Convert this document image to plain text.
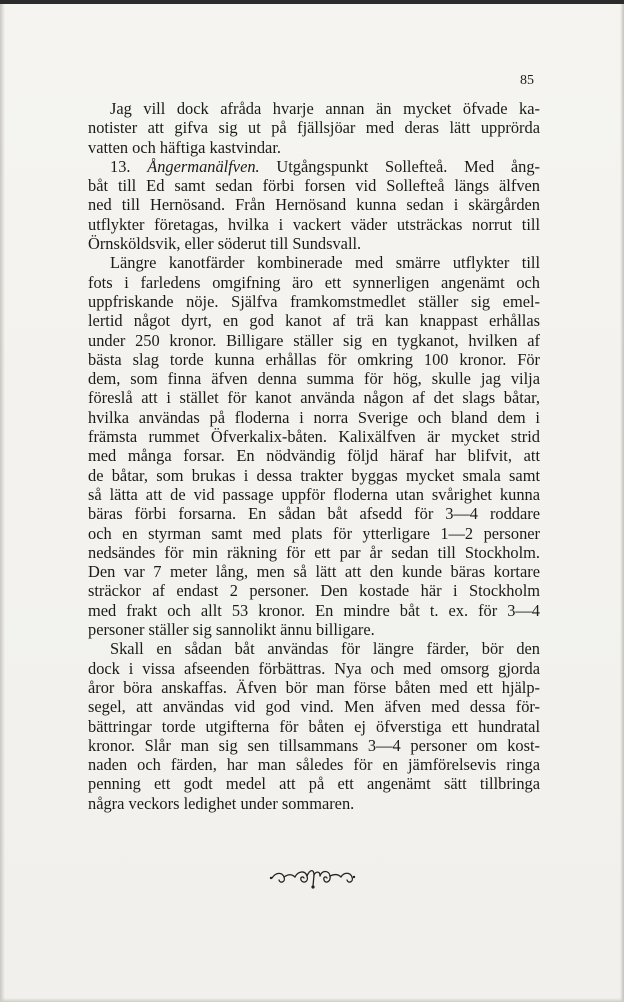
85
Jag vill dock afråda hvarje annan än mycket öfvade ka-
notister att gifva sig ut på fjällsjöar med deras lätt upprörda
vatten och häftiga kastvindar.
13. Ångermanälfven. Utgångspunkt Sollefteå. Med ång-
båt till Ed samt sedan förbi forsen vid Sollefteå längs älfven
ned till Hernösand. Från Hernösand kunna sedan i skärgården
utflykter företagas, hvilka i vackert väder utsträckas norrut till
Örnsköldsvik, eller söderut till Sundsvall.
Längre kanotfärder kombinerade med smärre utflykter till
fots i farledens omgifning äro ett synnerligen angenämt och
uppfriskande nöje. Själfva framkomstmedlet ställer sig emel-
lertid något dyrt, en god kanot af trä kan knappast erhållas
under 250 kronor. Billigare ställer sig en tygkanot, hvilken af
bästa slag torde kunna erhållas för omkring 100 kronor. För
dem, som finna äfven denna summa för hög, skulle jag vilja
föreslå att i stället för kanot använda någon af det slags båtar,
hvilka användas på floderna i norra Sverige och bland dem i
främsta rummet Öfverkalix-båten. Kalixälfven är mycket strid
med många forsar. En nödvändig följd häraf har blifvit, att
de båtar, som brukas i dessa trakter byggas mycket smala samt
så lätta att de vid passage uppför floderna utan svårighet kunna
bäras förbi forsarna. En sådan båt afsedd för 3—4 roddare
och en styrman samt med plats för ytterligare 1—2 personer
nedsändes för min räkning för ett par år sedan till Stockholm.
Den var 7 meter lång, men så lätt att den kunde bäras kortare
sträckor af endast 2 personer. Den kostade här i Stockholm
med frakt och allt 53 kronor. En mindre båt t. ex. för 3—4
personer ställer sig sannolikt ännu billigare.
Skall en sådan båt användas för längre färder, bör den
dock i vissa afseenden förbättras. Nya och med omsorg gjorda
åror böra anskaffas. Äfven bör man förse båten med ett hjälp-
segel, att användas vid god vind. Men äfven med dessa för-
bättringar torde utgifterna för båten ej öfverstiga ett hundratal
kronor. Slår man sig sen tillsammans 3—4 personer om kost-
naden och färden, har man således för en jämförelsevis ringa
penning ett godt medel att på ett angenämt sätt tillbringa
några veckors ledighet under sommaren.
